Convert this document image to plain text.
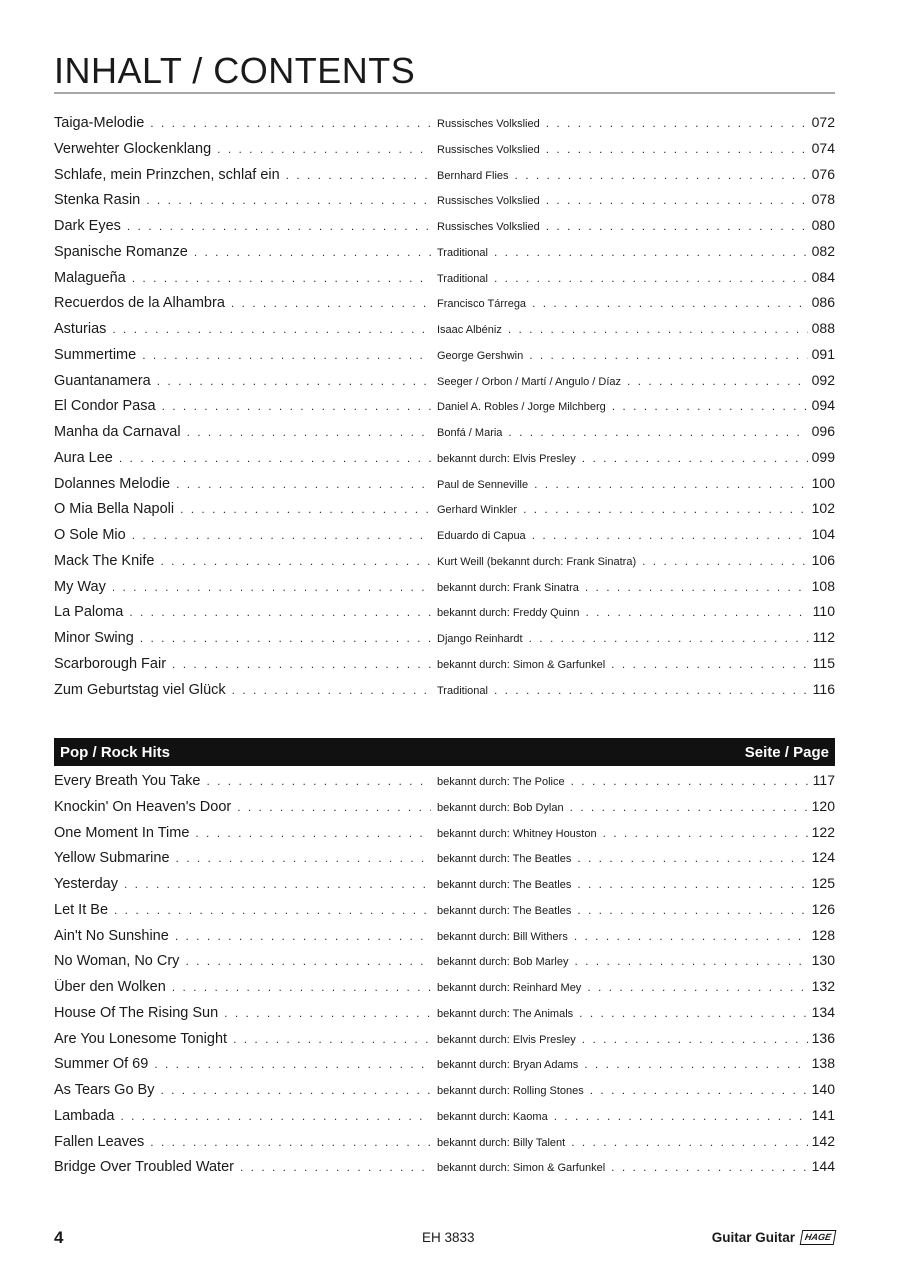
INHALT / CONTENTS
Taiga-Melodie . . .	Russisches Volkslied . . .	072
Verwehter Glockenklang . . .	Russisches Volkslied . . .	074
Schlafe, mein Prinzchen, schlaf ein . . .	Bernhard Flies . . .	076
Stenka Rasin . . .	Russisches Volkslied . . .	078
Dark Eyes . . .	Russisches Volkslied . . .	080
Spanische Romanze . . .	Traditional . . .	082
Malagueña . . .	Traditional . . .	084
Recuerdos de la Alhambra . . .	Francisco Tárrega . . .	086
Asturias . . .	Isaac Albéniz . . .	088
Summertime . . .	George Gershwin . . .	091
Guantanamera . . .	Seeger / Orbon / Martí / Angulo / Díaz . . .	092
El Condor Pasa . . .	Daniel A. Robles / Jorge Milchberg . . .	094
Manha da Carnaval . . .	Bonfá / Maria . . .	096
Aura Lee . . .	bekannt durch: Elvis Presley . . .	099
Dolannes Melodie . . .	Paul de Senneville . . .	100
O Mia Bella Napoli . . .	Gerhard Winkler . . .	102
O Sole Mio . . .	Eduardo di Capua . . .	104
Mack The Knife . . .	Kurt Weill (bekannt durch: Frank Sinatra) . . .	106
My Way . . .	bekannt durch: Frank Sinatra . . .	108
La Paloma . . .	bekannt durch: Freddy Quinn . . .	110
Minor Swing . . .	Django Reinhardt . . .	112
Scarborough Fair . . .	bekannt durch: Simon & Garfunkel . . .	115
Zum Geburtstag viel Glück . . .	Traditional . . .	116
Pop / Rock Hits	Seite / Page
Every Breath You Take . . .	bekannt durch: The Police . . .	117
Knockin' On Heaven's Door . . .	bekannt durch: Bob Dylan . . .	120
One Moment In Time . . .	bekannt durch: Whitney Houston . . .	122
Yellow Submarine . . .	bekannt durch: The Beatles . . .	124
Yesterday . . .	bekannt durch: The Beatles . . .	125
Let It Be . . .	bekannt durch: The Beatles . . .	126
Ain't No Sunshine . . .	bekannt durch: Bill Withers . . .	128
No Woman, No Cry . . .	bekannt durch: Bob Marley . . .	130
Über den Wolken . . .	bekannt durch: Reinhard Mey . . .	132
House Of The Rising Sun . . .	bekannt durch: The Animals . . .	134
Are You Lonesome Tonight . . .	bekannt durch: Elvis Presley . . .	136
Summer Of 69 . . .	bekannt durch: Bryan Adams . . .	138
As Tears Go By . . .	bekannt durch: Rolling Stones . . .	140
Lambada . . .	bekannt durch: Kaoma . . .	141
Fallen Leaves . . .	bekannt durch: Billy Talent . . .	142
Bridge Over Troubled Water . . .	bekannt durch: Simon & Garfunkel . . .	144
4	EH 3833	Guitar Guitar	HAGE
